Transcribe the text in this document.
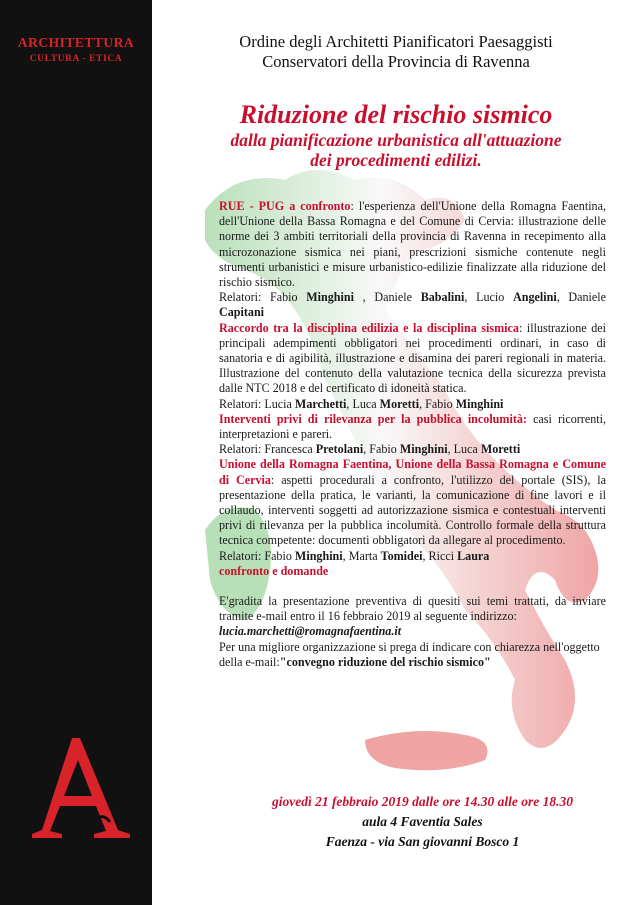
ARCHITETTURA
CULTURA - ETICA
Ordine degli Architetti Pianificatori Paesaggisti
Conservatori della Provincia di Ravenna
Riduzione del rischio sismico
dalla pianificazione urbanistica all'attuazione
dei procedimenti edilizi.

RUE - PUG a confronto: l'esperienza dell'Unione della Romagna Faentina, dell'Unione della Bassa Romagna e del Comune di Cervia: illustrazione delle norme dei 3 ambiti territoriali della provincia di Ravenna in recepimento alla microzonazione sismica nei piani, prescrizioni sismiche contenute negli strumenti urbanistici e misure urbanistico-edilizie finalizzate alla riduzione del rischio sismico.

Relatori: Fabio Minghini , Daniele Babalini, Lucio Angelini, Daniele Capitani

Raccordo tra la disciplina edilizia e la disciplina sismica: illustrazione dei principali adempimenti obbligatori nei procedimenti ordinari, in caso di sanatoria e di agibilità, illustrazione e disamina dei pareri regionali in materia. Illustrazione del contenuto della valutazione tecnica della sicurezza prevista dalle NTC 2018 e del certificato di idoneità statica.

Relatori: Lucia Marchetti, Luca Moretti, Fabio Minghini

Interventi privi di rilevanza per la pubblica incolumità: casi ricorrenti, interpretazioni e pareri.

Relatori: Francesca Pretolani, Fabio Minghini, Luca Moretti

Unione della Romagna Faentina, Unione della Bassa Romagna e Comune di Cervia: aspetti procedurali a confronto, l'utilizzo del portale (SIS), la presentazione della pratica, le varianti, la comunicazione di fine lavori e il collaudo, interventi soggetti ad autorizzazione sismica e contestuali interventi privi di rilevanza per la pubblica incolumità. Controllo formale della struttura tecnica competente: documenti obbligatori da allegare al procedimento.

Relatori: Fabio Minghini, Marta Tomidei, Ricci Laura

confronto e domande

E'gradita la presentazione preventiva di quesiti sui temi trattati, da inviare tramite e-mail entro il 16 febbraio 2019 al seguente indirizzo:

lucia.marchetti@romagnafaentina.it

Per una migliore organizzazione si prega di indicare con chiarezza nell'oggetto della e-mail:"convegno riduzione del rischio sismico"

giovedì 21 febbraio 2019 dalle ore 14.30 alle ore 18.30
aula 4 Faventia Sales
Faenza - via San giovanni Bosco 1
